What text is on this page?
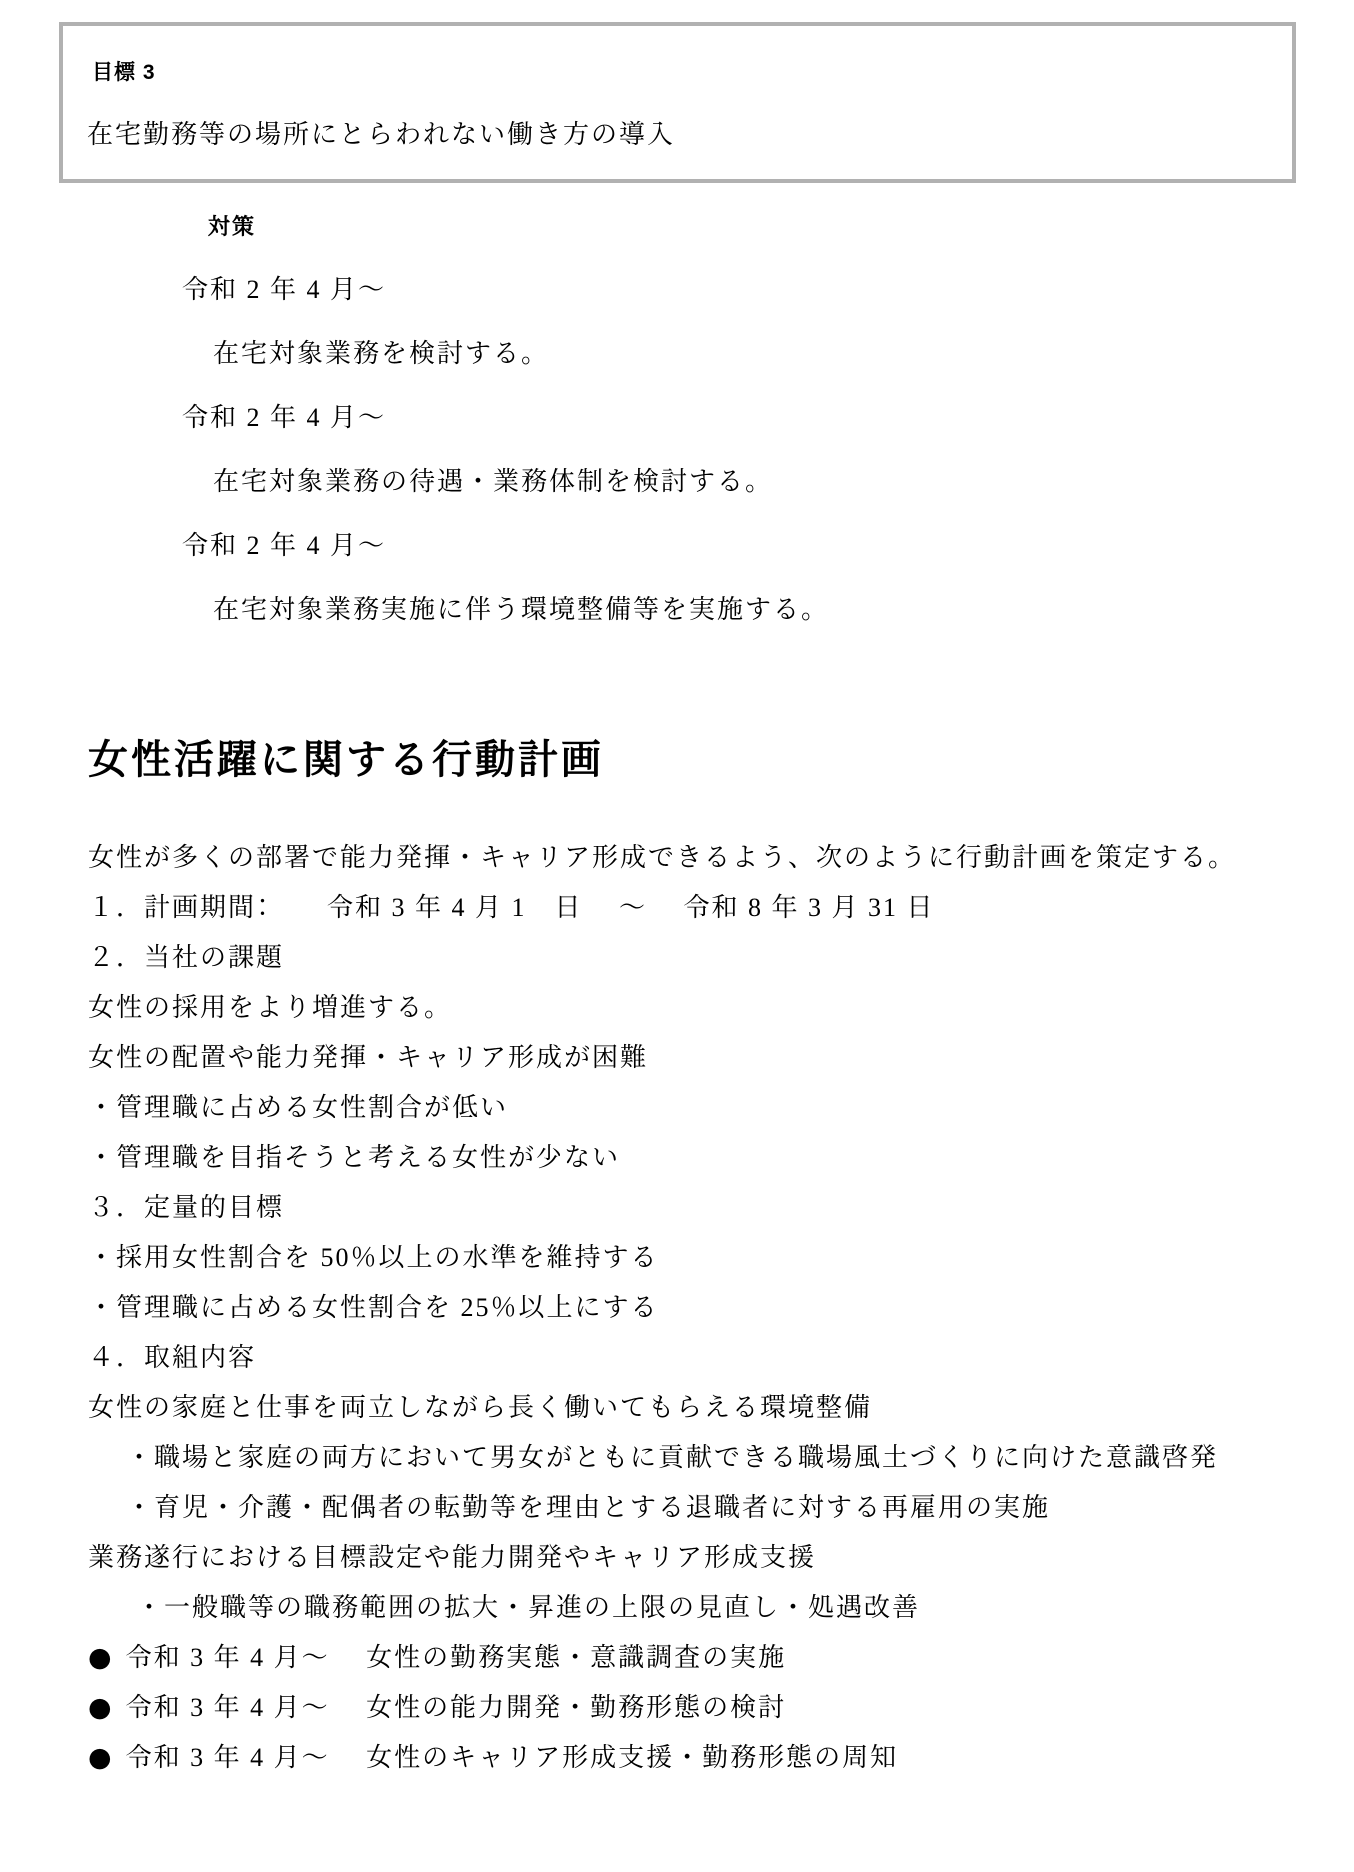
目標 3
在宅勤務等の場所にとらわれない働き方の導入
対策
令和 2 年 4 月～
在宅対象業務を検討する。
令和 2 年 4 月～
在宅対象業務の待遇・業務体制を検討する。
令和 2 年 4 月～
在宅対象業務実施に伴う環境整備等を実施する。
女性活躍に関する行動計画
女性が多くの部署で能力発揮・キャリア形成できるよう、次のように行動計画を策定する。
１．計画期間：　　令和 3 年 4 月 1　日　 ～　 令和 8 年 3 月 31 日
２．当社の課題
女性の採用をより増進する。
女性の配置や能力発揮・キャリア形成が困難
・管理職に占める女性割合が低い
・管理職を目指そうと考える女性が少ない
３．定量的目標
・採用女性割合を 50％以上の水準を維持する
・管理職に占める女性割合を 25％以上にする
４．取組内容
女性の家庭と仕事を両立しながら長く働いてもらえる環境整備
・職場と家庭の両方において男女がともに貢献できる職場風土づくりに向けた意識啓発
・育児・介護・配偶者の転勤等を理由とする退職者に対する再雇用の実施
業務遂行における目標設定や能力開発やキャリア形成支援
・一般職等の職務範囲の拡大・昇進の上限の見直し・処遇改善
● 令和 3 年 4 月～　 女性の勤務実態・意識調査の実施
● 令和 3 年 4 月～　 女性の能力開発・勤務形態の検討
● 令和 3 年 4 月～　 女性のキャリア形成支援・勤務形態の周知
